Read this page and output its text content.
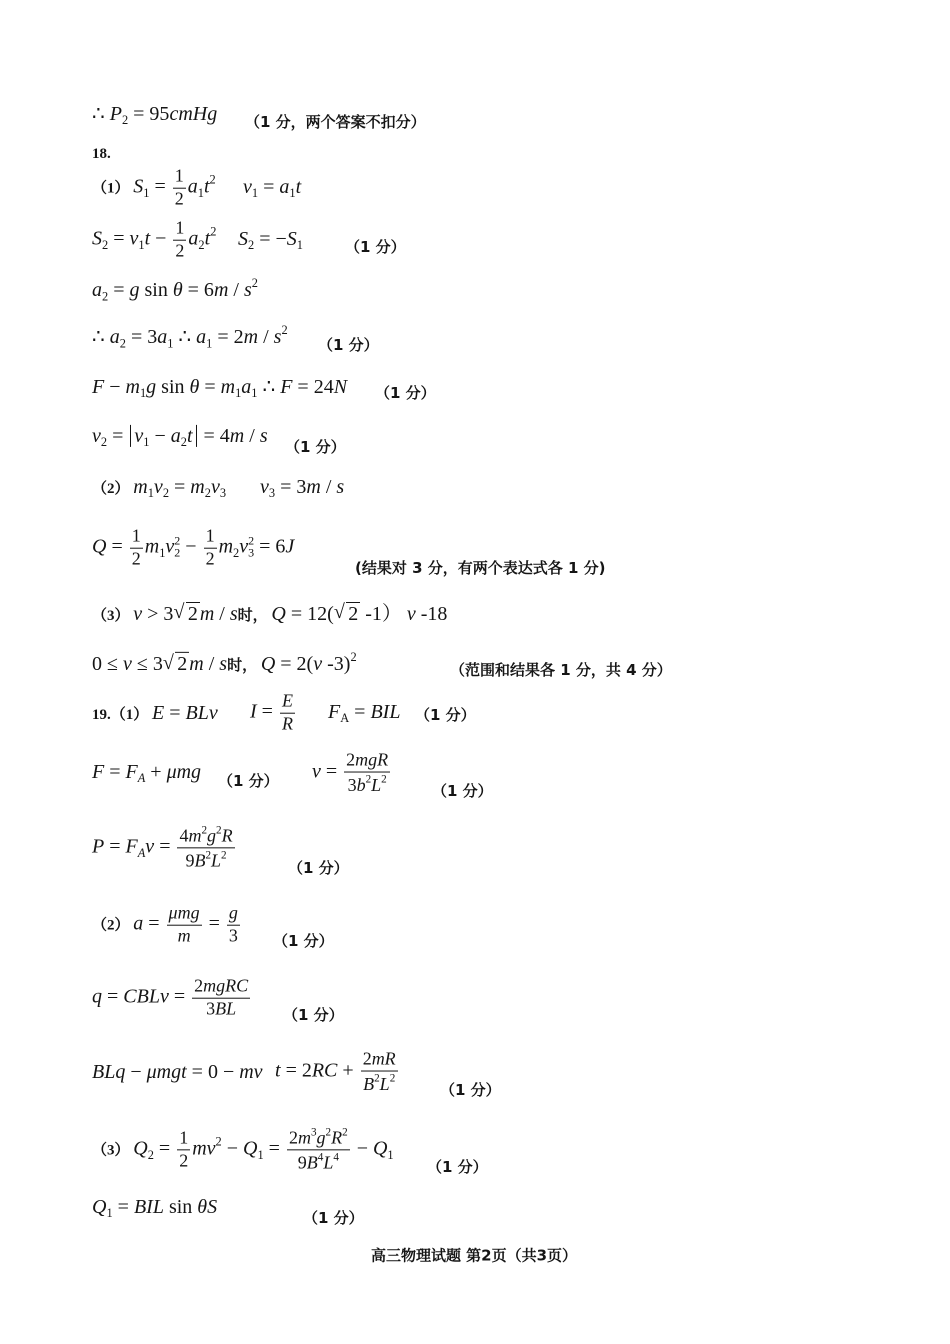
∴ $P_2$ = 95cmHg （1 分，两个答案不扣分）
18.
（1） $S_1 = \frac{1}{2} a_1t^2$ $v_1 = a_1t$
$S_2 = v_1t - \frac{1}{2} a_2t^2$ $S_2 = -S_1$	（1 分）
$a_2 = g$ $\sin \theta = 6m / s^2$
∴ $a_2 = 3a_1$ ∴ $a_1 = 2m / s^2$
（1 分）
$F - m_1g$ $\sin \theta = m_1a_1$ ∴ F = 24N （1 分）
$v_2 = v_1 - a_2t = 4m / s$
（1 分）
（2） $m_1v_2 = m_2v_3$ $v_3 = 3m / s$
$Q = \frac{1}{2} m_1v$ 2
$2 - \frac{1}{2} m_2v$ 2
3 = 6J
(结果对 3 分，有两个表达式各 1 分)
（3） v > 3 √ 2 m / s时， Q = 12( √ 2 -1） v -18
0 ≤ v ≤ 3 √ 2 m / s时， Q = 2(v -3)$^2$
（范围和结果各 1 分，共 4 分）
19.（1） E = BLv $I = \frac{E}{R} F_A$ = BIL （1 分）
$F = F_A + \mu mg$ （1 分） $v = \frac{\text{2mgR}}{3b^2L^2}$	（1 分）
$P = F_Av = \frac{4m^2g^2R}{9B^2L^2}$	（1 分）
（2） $a = \frac{\text{μmg}}{m} = \frac{g}{3} (1$ 分）
q = CBLv = $\frac{\text{2mgRC}}{3BL} (1$ 分）
BLq − μmgt = 0 − mv $t = 2RC + \frac{2mR}{B^2L^2}$	（1 分）
（3） $Q_2 = \frac{1}{2} mv^2 - Q_1 = \frac{2m^3g^2R^2}{9B^4L^4} - Q_1$
（1 分）
$Q_1$ = BIL sin θS
（1 分）
高三物理试题 第2页（共3页）
